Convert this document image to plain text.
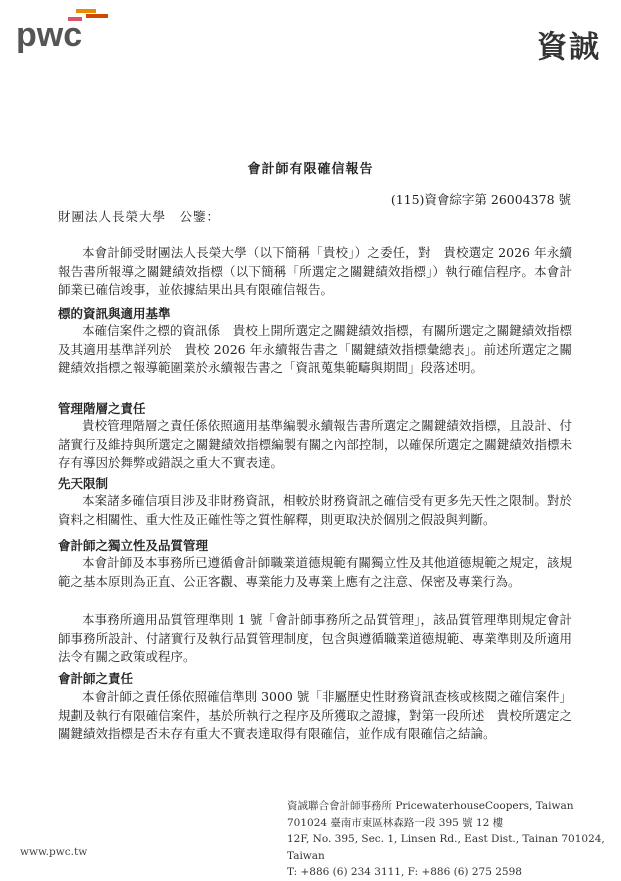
pwc	資誠
會計師有限確信報告
(115)資會綜字第 26004378 號
財團法人長榮大學　公鑒：

本會計師受財團法人長榮大學（以下簡稱「貴校」）之委任，對　貴校選定 2026 年永續報告書所報導之關鍵績效指標（以下簡稱「所選定之關鍵績效指標」）執行確信程序。本會計師業已確信竣事，並依據結果出具有限確信報告。

標的資訊與適用基準

本確信案件之標的資訊係　貴校上開所選定之關鍵績效指標，有關所選定之關鍵績效指標及其適用基準詳列於　貴校 2026 年永續報告書之「關鍵績效指標彙總表」。前述所選定之關鍵績效指標之報導範圍業於永續報告書之「資訊蒐集範疇與期間」段落述明。

管理階層之責任

貴校管理階層之責任係依照適用基準編製永續報告書所選定之關鍵績效指標，且設計、付諸實行及維持與所選定之關鍵績效指標編製有關之內部控制，以確保所選定之關鍵績效指標未存有導因於舞弊或錯誤之重大不實表達。

先天限制

本案諸多確信項目涉及非財務資訊，相較於財務資訊之確信受有更多先天性之限制。對於資料之相關性、重大性及正確性等之質性解釋，則更取決於個別之假設與判斷。

會計師之獨立性及品質管理

本會計師及本事務所已遵循會計師職業道德規範有關獨立性及其他道德規範之規定，該規範之基本原則為正直、公正客觀、專業能力及專業上應有之注意、保密及專業行為。

本事務所適用品質管理準則 1 號「會計師事務所之品質管理」，該品質管理準則規定會計師事務所設計、付諸實行及執行品質管理制度，包含與遵循職業道德規範、專業準則及所適用法令有關之政策或程序。

會計師之責任

本會計師之責任係依照確信準則 3000 號「非屬歷史性財務資訊查核或核閱之確信案件」規劃及執行有限確信案件，基於所執行之程序及所獲取之證據，對第一段所述　貴校所選定之關鍵績效指標是否未存有重大不實表達取得有限確信，並作成有限確信之結論。

資誠聯合會計師事務所 PricewaterhouseCoopers, Taiwan
701024 臺南市東區林森路一段 395 號 12 樓
12F, No. 395, Sec. 1, Linsen Rd., East Dist., Tainan 701024, Taiwan
T: +886 (6) 234 3111, F: +886 (6) 275 2598
www.pwc.tw
